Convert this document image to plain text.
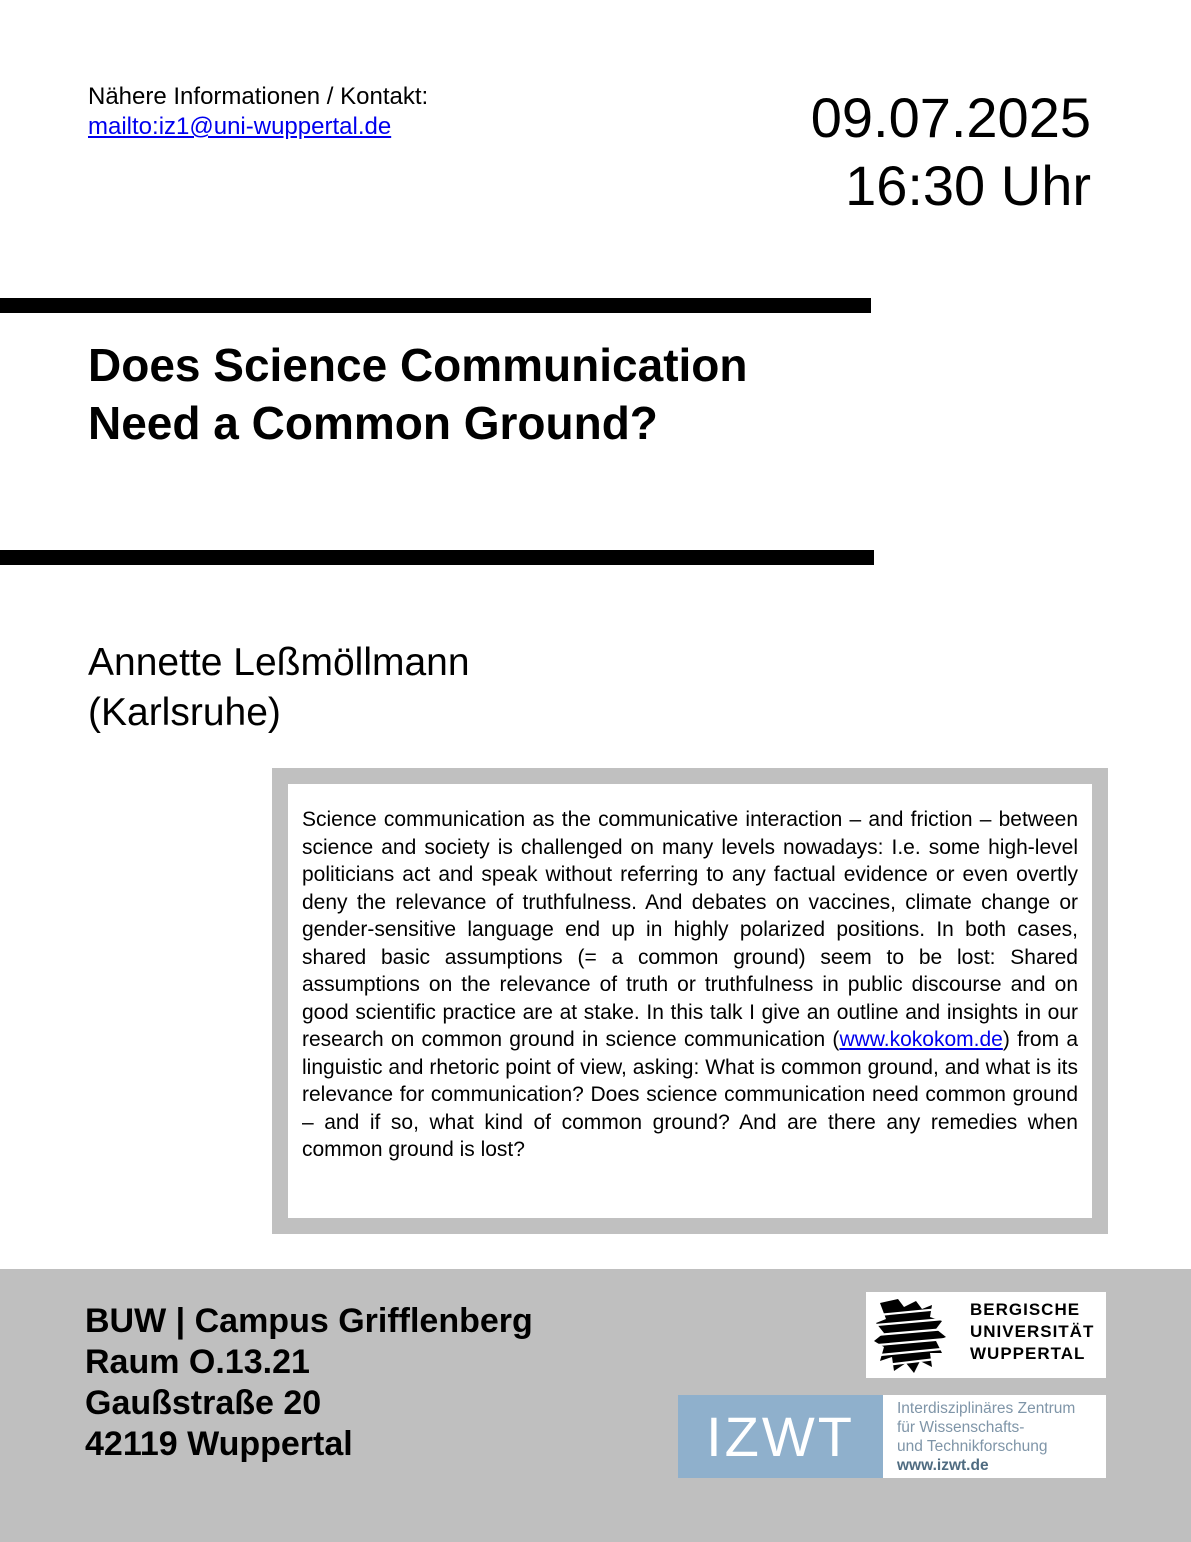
Nähere Informationen / Kontakt:
mailto:iz1@uni-wuppertal.de	09.07.2025
16:30 Uhr
Does Science Communication
Need a Common Ground?
Annette Leßmöllmann
(Karlsruhe)

Science communication as the communicative interaction – and friction – between science and society is challenged on many levels nowadays: I.e. some high-level politicians act and speak without referring to any factual evidence or even overtly deny the relevance of truthfulness. And debates on vaccines, climate change or gender-sensitive language end up in highly polarized positions. In both cases, shared basic assumptions (= a common ground) seem to be lost: Shared assumptions on the relevance of truth or truthfulness in public discourse and on good scientific practice are at stake. In this talk I give an outline and insights in our research on common ground in science communication (www.kokokom.de) from a linguistic and rhetoric point of view, asking: What is common ground, and what is its relevance for communication? Does science communication need common ground – and if so, what kind of common ground? And are there any remedies when common ground is lost?

BUW | Campus Grifflenberg
Raum O.13.21
Gaußstraße 20
42119 Wuppertal
BERGISCHE
UNIVERSITÄT
WUPPERTAL
IZWT	Interdisziplinäres Zentrum
für Wissenschafts-
und Technikforschung
www.izwt.de
